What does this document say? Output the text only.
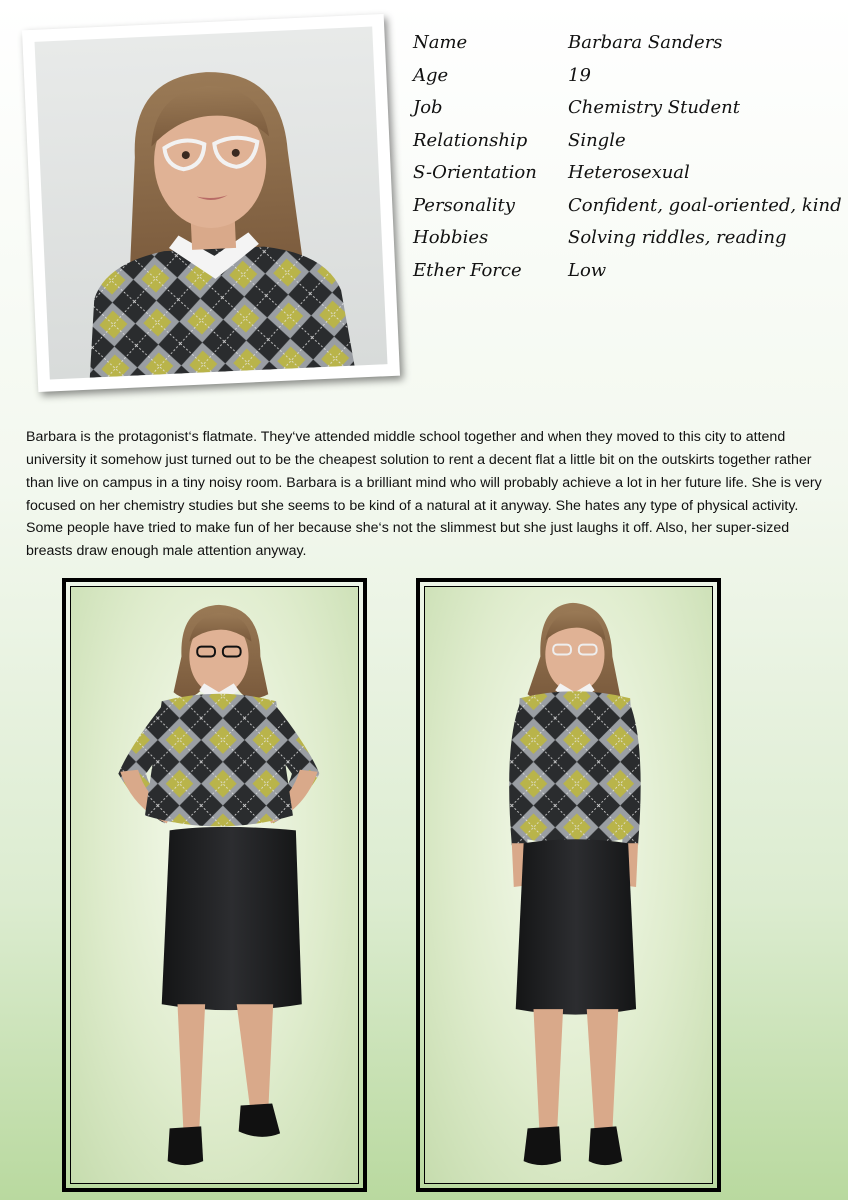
Name	Barbara Sanders
Age	19
Job	Chemistry Student
Relationship Single
S-Orientation Heterosexual
Personality	Confident, goal-oriented, kind
Hobbies	Solving riddles, reading
Ether Force	Low

Barbara is the protagonist‘s flatmate. They‘ve attended middle school together and when they moved to this city to attend university it somehow just turned out to be the cheapest solution to rent a decent flat a little bit on the outskirts together rather than live on campus in a tiny noisy room. Barbara is a brilliant mind who will probably achieve a lot in her future life. She is very focused on her chemistry studies but she seems to be kind of a natural at it anyway. She hates any type of physical activity. Some people have tried to make fun of her because she‘s not the slimmest but she just laughs it off. Also, her super-sized breasts draw enough male attention anyway.
